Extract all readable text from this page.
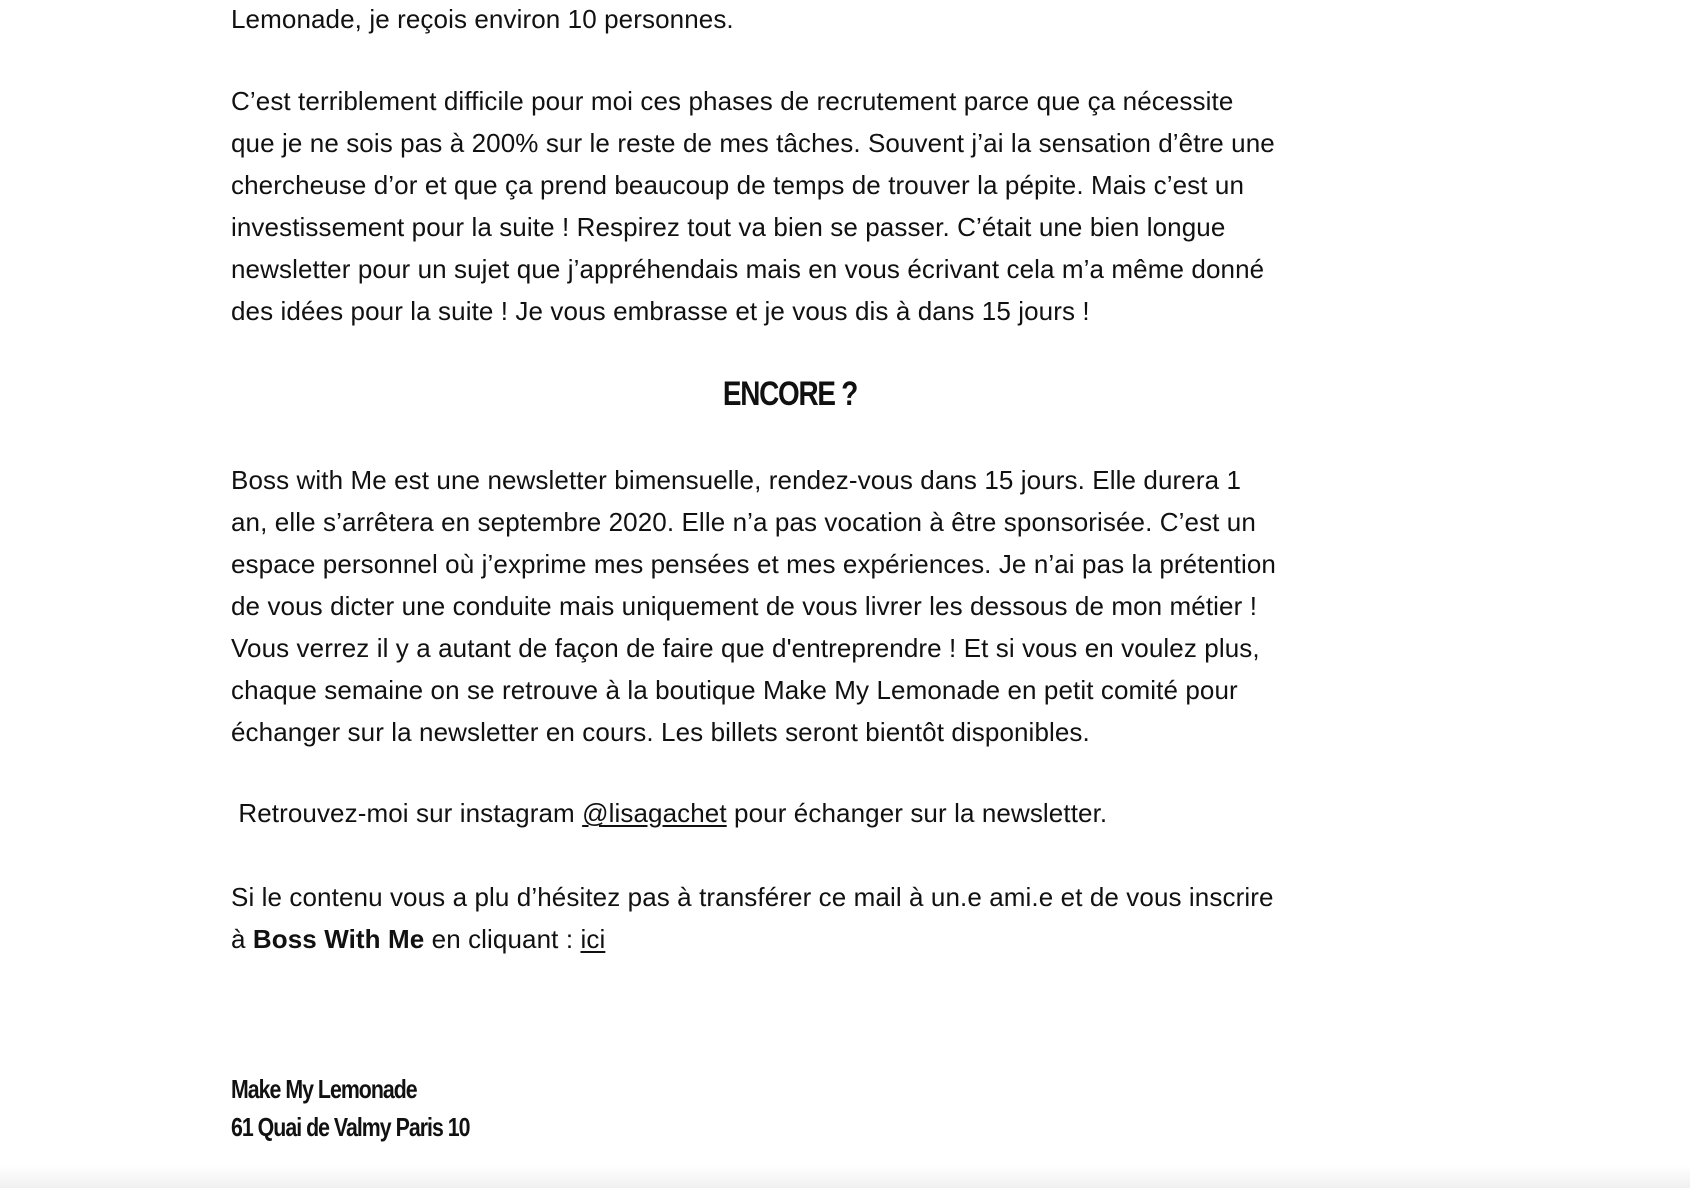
Lemonade, je reçois environ 10 personnes.

C’est terriblement difficile pour moi ces phases de recrutement parce que ça nécessite

que je ne sois pas à 200% sur le reste de mes tâches. Souvent j’ai la sensation d’être une

chercheuse d’or et que ça prend beaucoup de temps de trouver la pépite. Mais c’est un

investissement pour la suite ! Respirez tout va bien se passer. C’était une bien longue

newsletter pour un sujet que j’appréhendais mais en vous écrivant cela m’a même donné

des idées pour la suite ! Je vous embrasse et je vous dis à dans 15 jours !

ENCORE ?

Boss with Me est une newsletter bimensuelle, rendez-vous dans 15 jours. Elle durera 1

an, elle s’arrêtera en septembre 2020. Elle n’a pas vocation à être sponsorisée. C’est un

espace personnel où j’exprime mes pensées et mes expériences. Je n’ai pas la prétention

de vous dicter une conduite mais uniquement de vous livrer les dessous de mon métier !

Vous verrez il y a autant de façon de faire que d'entreprendre ! Et si vous en voulez plus,

chaque semaine on se retrouve à la boutique Make My Lemonade en petit comité pour

échanger sur la newsletter en cours. Les billets seront bientôt disponibles.

Retrouvez-moi sur instagram @lisagachet pour échanger sur la newsletter.

Si le contenu vous a plu d’hésitez pas à transférer ce mail à un.e ami.e et de vous inscrire

à Boss With Me en cliquant : ici

Make My Lemonade

61 Quai de Valmy Paris 10
